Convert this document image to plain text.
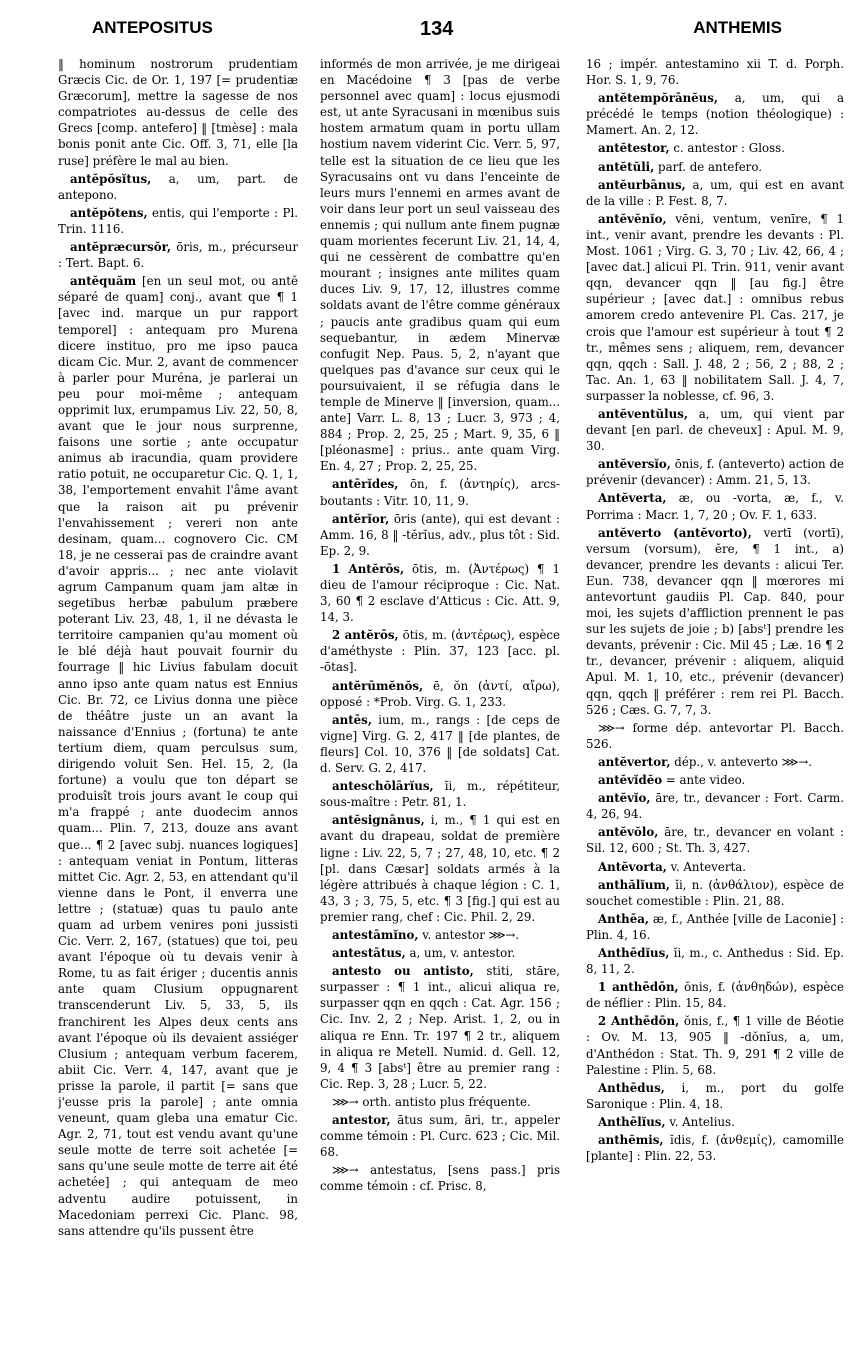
ANTEPOSITUS	134	ANTHEMIS

‖ hominum nostrorum prudentiam Græcis Cic. de Or. 1, 197 [= prudentiæ Græcorum], mettre la sagesse de nos compatriotes au-dessus de celle des Grecs [comp. antefero] ‖ [tmèse] : mala bonis ponit ante Cic. Off. 3, 71, elle [la ruse] préfère le mal au bien.

antĕpŏsĭtus, a, um, part. de antepono.

antĕpŏtens, entis, qui l'emporte : Pl. Trin. 1116.

antĕpræcursŏr, ōris, m., précurseur : Tert. Bapt. 6.

antĕquăm [en un seul mot, ou antĕ séparé de quam] conj., avant que ¶ 1 [avec ind. marque un pur rapport temporel] : antequam pro Murena dicere instituo, pro me ipso pauca dicam Cic. Mur. 2, avant de commencer à parler pour Muréna, je parlerai un peu pour moi-même ; antequam opprimit lux, erumpamus Liv. 22, 50, 8, avant que le jour nous surprenne, faisons une sortie ; ante occupatur animus ab iracundia, quam providere ratio potuit, ne occuparetur Cic. Q. 1, 1, 38, l'emportement envahit l'âme avant que la raison ait pu prévenir l'envahissement ; vereri non ante desinam, quam... cognovero Cic. CM 18, je ne cesserai pas de craindre avant d'avoir appris... ; nec ante violavit agrum Campanum quam jam altæ in segetibus herbæ pabulum præbere poterant Liv. 23, 48, 1, il ne dévasta le territoire campanien qu'au moment où le blé déjà haut pouvait fournir du fourrage ‖ hic Livius fabulam docuit anno ipso ante quam natus est Ennius Cic. Br. 72, ce Livius donna une pièce de théâtre juste un an avant la naissance d'Ennius ; (fortuna) te ante tertium diem, quam perculsus sum, dirigendo voluit Sen. Hel. 15, 2, (la fortune) a voulu que ton départ se produisît trois jours avant le coup qui m'a frappé ; ante duodecim annos quam... Plin. 7, 213, douze ans avant que... ¶ 2 [avec subj. nuances logiques] : antequam veniat in Pontum, litteras mittet Cic. Agr. 2, 53, en attendant qu'il vienne dans le Pont, il enverra une lettre ; (statuæ) quas tu paulo ante quam ad urbem venires poni jussisti Cic. Verr. 2, 167, (statues) que toi, peu avant l'époque où tu devais venir à Rome, tu as fait ériger ; ducentis annis ante quam Clusium oppugnarent transcenderunt Liv. 5, 33, 5, ils franchirent les Alpes deux cents ans avant l'époque où ils devaient assiéger Clusium ; antequam verbum facerem, abiit Cic. Verr. 4, 147, avant que je prisse la parole, il partit [= sans que j'eusse pris la parole] ; ante omnia veneunt, quam gleba una ematur Cic. Agr. 2, 71, tout est vendu avant qu'une seule motte de terre soit achetée [= sans qu'une seule motte de terre ait été achetée] ; qui antequam de meo adventu audire potuissent, in Macedoniam perrexi Cic. Planc. 98, sans attendre qu'ils pussent être

informés de mon arrivée, je me dirigeai en Macédoine ¶ 3 [pas de verbe personnel avec quam] : locus ejusmodi est, ut ante Syracusani in mœnibus suis hostem armatum quam in portu ullam hostium navem viderint Cic. Verr. 5, 97, telle est la situation de ce lieu que les Syracusains ont vu dans l'enceinte de leurs murs l'ennemi en armes avant de voir dans leur port un seul vaisseau des ennemis ; qui nullum ante finem pugnæ quam morientes fecerunt Liv. 21, 14, 4, qui ne cessèrent de combattre qu'en mourant ; insignes ante milites quam duces Liv. 9, 17, 12, illustres comme soldats avant de l'être comme généraux ; paucis ante gradibus quam qui eum sequebantur, in ædem Minervæ confugit Nep. Paus. 5, 2, n'ayant que quelques pas d'avance sur ceux qui le poursuivaient, il se réfugia dans le temple de Minerve ‖ [inversion, quam... ante] Varr. L. 8, 13 ; Lucr. 3, 973 ; 4, 884 ; Prop. 2, 25, 25 ; Mart. 9, 35, 6 ‖ [pléonasme] : prius.. ante quam Virg. En. 4, 27 ; Prop. 2, 25, 25.

antērĭdes, ōn, f. (ἀντηρίς), arcs-boutants : Vitr. 10, 11, 9.

antĕrĭor, ōris (ante), qui est devant : Amm. 16, 8 ‖ -tĕrĭus, adv., plus tôt : Sid. Ep. 2, 9.

1 Antĕrōs, ōtis, m. (Ἀντέρως) ¶ 1 dieu de l'amour réciproque : Cic. Nat. 3, 60 ¶ 2 esclave d'Atticus : Cic. Att. 9, 14, 3.

2 antĕrōs, ōtis, m. (ἀντέρως), espèce d'améthyste : Plin. 37, 123 [acc. pl. -ōtas].

antĕrūmĕnŏs, ē, ŏn (ἀντί, αἴρω), opposé : *Prob. Virg. G. 1, 233.

antēs, ium, m., rangs : [de ceps de vigne] Virg. G. 2, 417 ‖ [de plantes, de fleurs] Col. 10, 376 ‖ [de soldats] Cat. d. Serv. G. 2, 417.

anteschŏlārĭus, ĭi, m., répétiteur, sous-maître : Petr. 81, 1.

antĕsignānus, i, m., ¶ 1 qui est en avant du drapeau, soldat de première ligne : Liv. 22, 5, 7 ; 27, 48, 10, etc. ¶ 2 [pl. dans Cæsar] soldats armés à la légère attribués à chaque légion : C. 1, 43, 3 ; 3, 75, 5, etc. ¶ 3 [fig.] qui est au premier rang, chef : Cic. Phil. 2, 29.

antestāmĭno, v. antestor ⋙→.

antestātus, a, um, v. antestor.

antesto ou antisto, stiti, stāre, surpasser : ¶ 1 int., alicui aliqua re, surpasser qqn en qqch : Cat. Agr. 156 ; Cic. Inv. 2, 2 ; Nep. Arist. 1, 2, ou in aliqua re Enn. Tr. 197 ¶ 2 tr., aliquem in aliqua re Metell. Numid. d. Gell. 12, 9, 4 ¶ 3 [absᵗ] être au premier rang : Cic. Rep. 3, 28 ; Lucr. 5, 22.

⋙→ orth. antisto plus fréquente.

antestor, ātus sum, āri, tr., appeler comme témoin : Pl. Curc. 623 ; Cic. Mil. 68.

⋙→ antestatus, [sens pass.] pris comme témoin : cf. Prisc. 8,

16 ; impér. antestamino xii T. d. Porph. Hor. S. 1, 9, 76.

antĕtempŏrānĕus, a, um, qui a précédé le temps (notion théologique) : Mamert. An. 2, 12.

antĕtestor, c. antestor : Gloss.

antĕtŭli, parf. de antefero.

antĕurbānus, a, um, qui est en avant de la ville : P. Fest. 8, 7.

antĕvĕnĭo, vēni, ventum, venīre, ¶ 1 int., venir avant, prendre les devants : Pl. Most. 1061 ; Virg. G. 3, 70 ; Liv. 42, 66, 4 ; [avec dat.] alicui Pl. Trin. 911, venir avant qqn, devancer qqn ‖ [au fig.] être supérieur ; [avec dat.] : omnibus rebus amorem credo antevenire Pl. Cas. 217, je crois que l'amour est supérieur à tout ¶ 2 tr., mêmes sens ; aliquem, rem, devancer qqn, qqch : Sall. J. 48, 2 ; 56, 2 ; 88, 2 ; Tac. An. 1, 63 ‖ nobilitatem Sall. J. 4, 7, surpasser la noblesse, cf. 96, 3.

antĕventŭlus, a, um, qui vient par devant [en parl. de cheveux] : Apul. M. 9, 30.

antĕversĭo, ōnis, f. (anteverto) action de prévenir (devancer) : Amm. 21, 5, 13.

Antĕverta, æ, ou -vorta, æ, f., v. Porrima : Macr. 1, 7, 20 ; Ov. F. 1, 633.

antĕverto (antĕvorto), vertī (vortī), versum (vorsum), ĕre, ¶ 1 int., a) devancer, prendre les devants : alicui Ter. Eun. 738, devancer qqn ‖ mœrores mi antevortunt gaudiis Pl. Cap. 840, pour moi, les sujets d'affliction prennent le pas sur les sujets de joie ; b) [absᵗ] prendre les devants, prévenir : Cic. Mil 45 ; Læ. 16 ¶ 2 tr., devancer, prévenir : aliquem, aliquid Apul. M. 1, 10, etc., prévenir (devancer) qqn, qqch ‖ préférer : rem rei Pl. Bacch. 526 ; Cæs. G. 7, 7, 3.

⋙→ forme dép. antevortar Pl. Bacch. 526.

antĕvertor, dép., v. anteverto ⋙→.

antĕvĭdĕo = ante video.

antĕvĭo, āre, tr., devancer : Fort. Carm. 4, 26, 94.

antĕvŏlo, āre, tr., devancer en volant : Sil. 12, 600 ; St. Th. 3, 427.

Antĕvorta, v. Anteverta.

anthălĭum, ĭi, n. (ἀνθάλιον), espèce de souchet comestible : Plin. 21, 88.

Anthēa, æ, f., Anthée [ville de Laconie] : Plin. 4, 16.

Anthēdĭus, ĭi, m., c. Anthedus : Sid. Ep. 8, 11, 2.

1 anthēdōn, ŏnis, f. (ἀνθηδών), espèce de néflier : Plin. 15, 84.

2 Anthēdōn, ŏnis, f., ¶ 1 ville de Béotie : Ov. M. 13, 905 ‖ -dŏnĭus, a, um, d'Anthédon : Stat. Th. 9, 291 ¶ 2 ville de Palestine : Plin. 5, 68.

Anthēdus, i, m., port du golfe Saronique : Plin. 4, 18.

Anthēlĭus, v. Antelius.

anthĕmis, ĭdis, f. (ἀνθεμίς), camomille [plante] : Plin. 22, 53.
